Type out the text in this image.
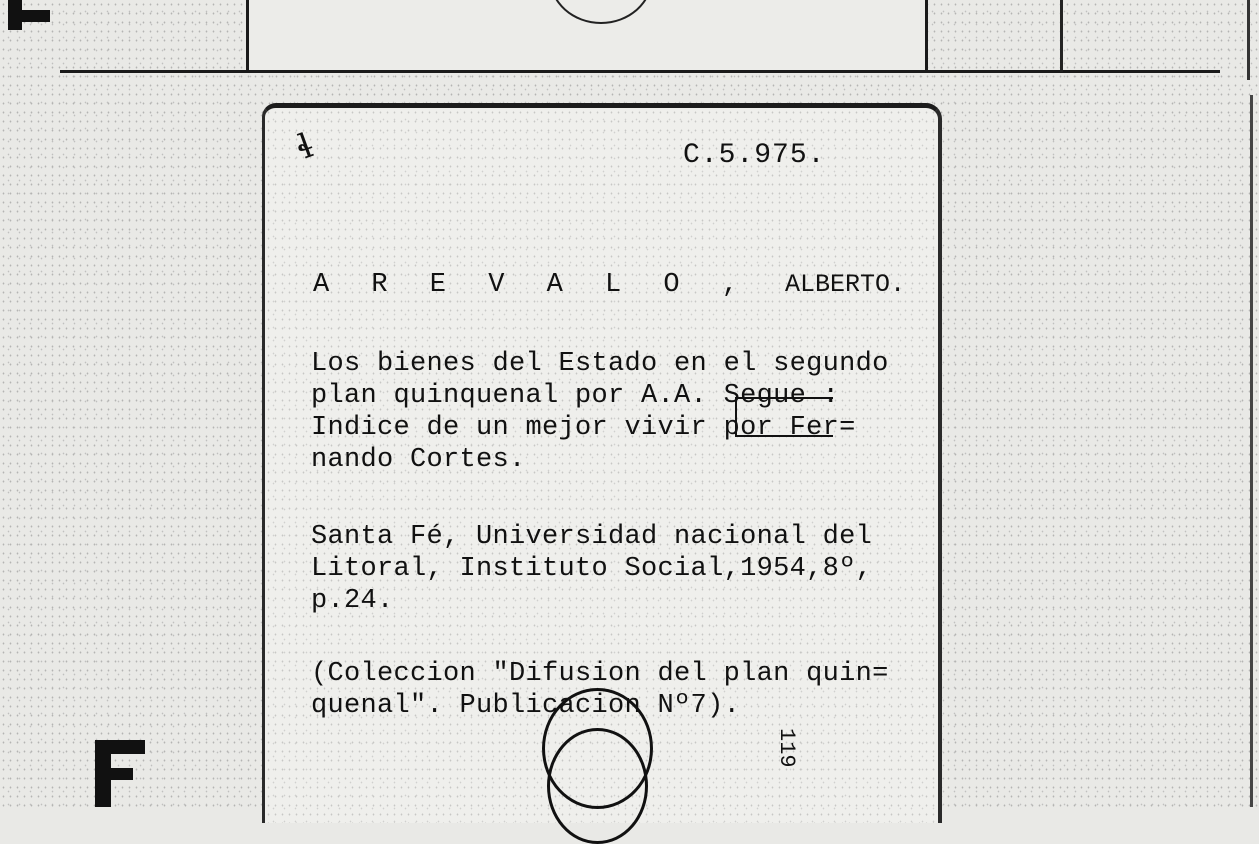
ɬ	C.5.975.
A R E V A L O , ALBERTO.
Los bienes del Estado en el segundo
plan quinquenal por A.A. Segue :
Indice de un mejor vivir por Fer=
nando Cortes.
Santa Fé, Universidad nacional del
Litoral, Instituto Social,1954,8º,
p.24.
(Coleccion "Difusion del plan quin=
quenal". Publicacion Nº7).
119
